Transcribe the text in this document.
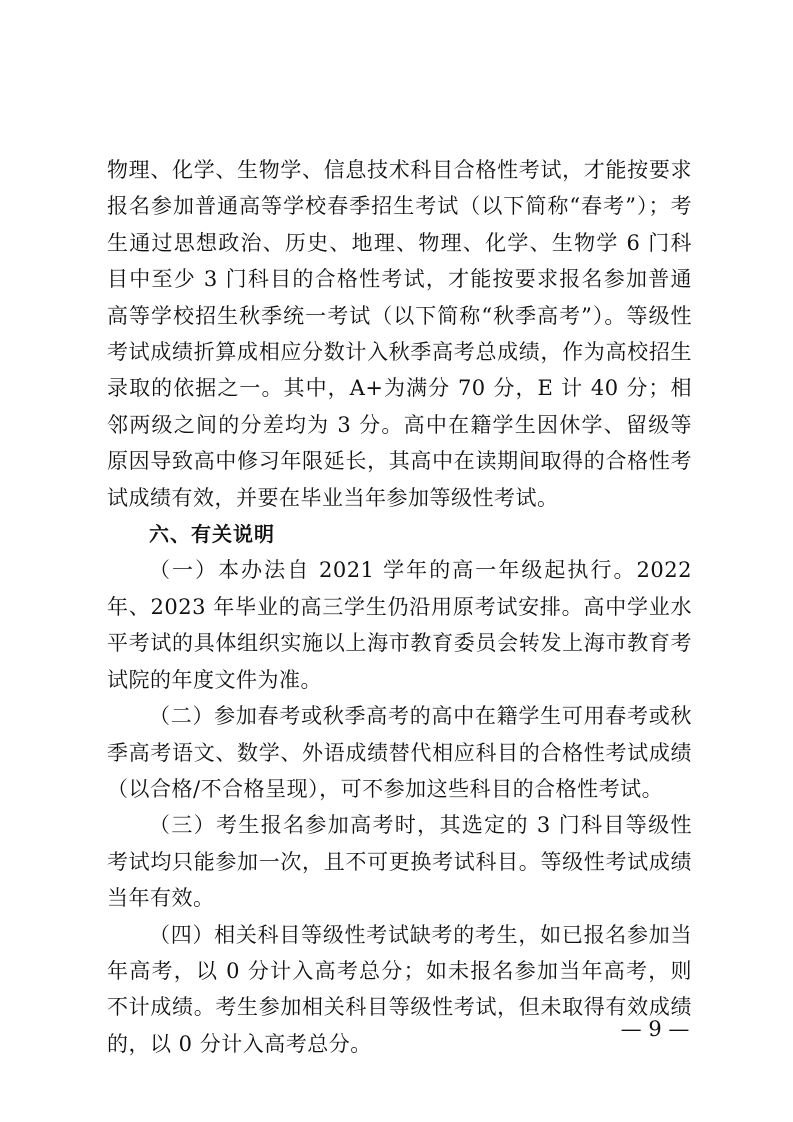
物理、化学、生物学、信息技术科目合格性考试，才能按要求报名参加普通高等学校春季招生考试（以下简称“春考”）；考生通过思想政治、历史、地理、物理、化学、生物学 6 门科目中至少 3 门科目的合格性考试，才能按要求报名参加普通高等学校招生秋季统一考试（以下简称“秋季高考”）。等级性考试成绩折算成相应分数计入秋季高考总成绩，作为高校招生录取的依据之一。其中，A+为满分 70 分，E 计 40 分；相邻两级之间的分差均为 3 分。高中在籍学生因休学、留级等原因导致高中修习年限延长，其高中在读期间取得的合格性考试成绩有效，并要在毕业当年参加等级性考试。

六、有关说明

（一）本办法自 2021 学年的高一年级起执行。2022 年、2023 年毕业的高三学生仍沿用原考试安排。高中学业水平考试的具体组织实施以上海市教育委员会转发上海市教育考试院的年度文件为准。

（二）参加春考或秋季高考的高中在籍学生可用春考或秋季高考语文、数学、外语成绩替代相应科目的合格性考试成绩（以合格/不合格呈现），可不参加这些科目的合格性考试。

（三）考生报名参加高考时，其选定的 3 门科目等级性考试均只能参加一次，且不可更换考试科目。等级性考试成绩当年有效。

（四）相关科目等级性考试缺考的考生，如已报名参加当年高考，以 0 分计入高考总分；如未报名参加当年高考，则不计成绩。考生参加相关科目等级性考试，但未取得有效成绩的，以 0 分计入高考总分。

— 9 —
